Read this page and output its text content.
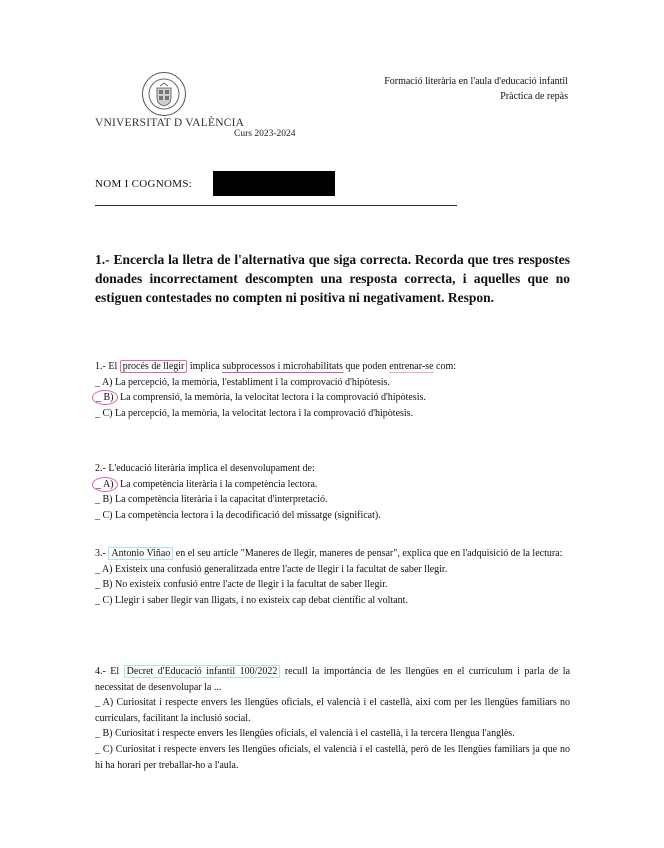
VNIVERSITAT D VALÈNCIA
Curs 2023-2024
Formació literària en l'aula d'educació infantil
Pràctica de repàs
NOM I COGNOMS:
1.- Encercla la lletra de l'alternativa que siga correcta. Recorda que tres respostes donades incorrectament descompten una resposta correcta, i aquelles que no estiguen contestades no compten ni positiva ni negativament. Respon.
1.- El procés de llegir implica subprocessos i microhabilitats que poden entrenar-se com:
_ A) La percepció, la memòria, l'establiment i la comprovació d'hipòtesis.
_ B) La comprensió, la memòria, la velocitat lectora i la comprovació d'hipòtesis.
_ C) La percepció, la memòria, la velocitat lectora i la comprovació d'hipòtesis.
2.- L'educació literària implica el desenvolupament de:
_ A) La competència literària i la competència lectora.
_ B) La competència literària i la capacitat d'interpretació.
_ C) La competència lectora i la decodificació del missatge (significat).
3.- Antonio Viñao en el seu article "Maneres de llegir, maneres de pensar", explica que en l'adquisició de la lectura:
_ A) Existeix una confusió generalitzada entre l'acte de llegir i la facultat de saber llegir.
_ B) No existeix confusió entre l'acte de llegir i la facultat de saber llegir.
_ C) Llegir i saber llegir van lligats, i no existeix cap debat científic al voltant.
4.- El Decret d'Educació infantil 100/2022 recull la importància de les llengües en el currículum i parla de la necessitat de desenvolupar la ...
_ A) Curiositat i respecte envers les llengües oficials, el valencià i el castellà, així com per les llengües familiars no curriculars, facilitant la inclusió social.
_ B) Curiositat i respecte envers les llengües oficials, el valencià i el castellà, i la tercera llengua l'anglès.
_ C) Curiositat i respecte envers les llengües oficials, el valencià i el castellà, però de les llengües familiars ja que no hi ha horari per treballar-ho a l'aula.
